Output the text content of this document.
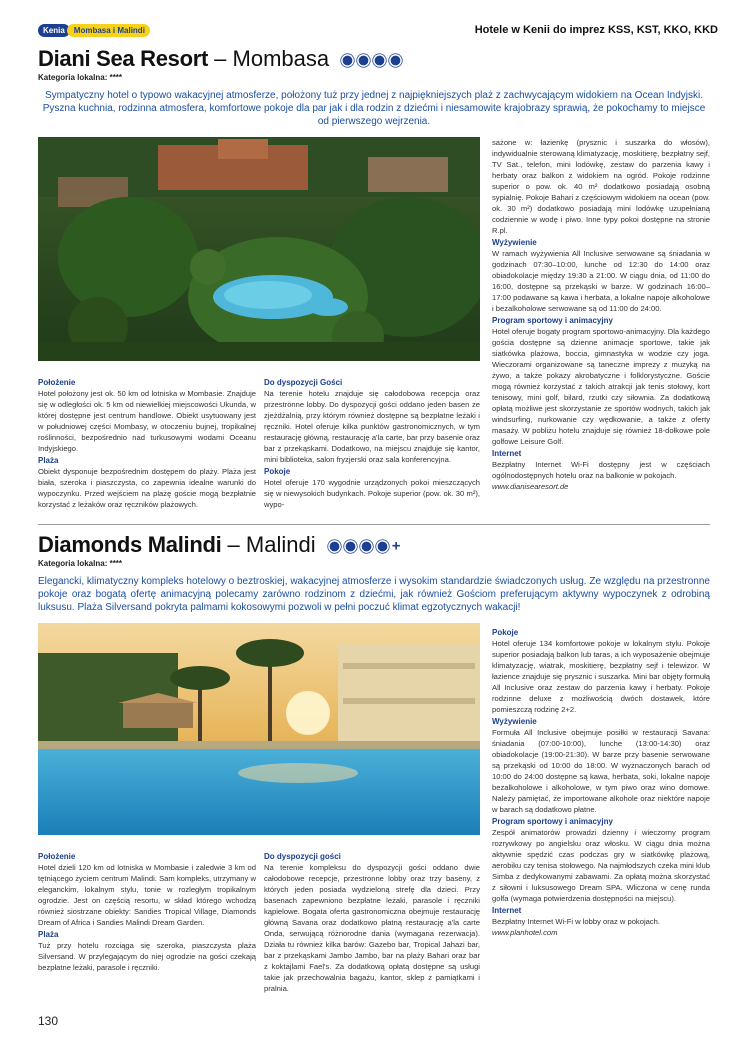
Kenia Mombasa i Malindi	Hotele w Kenii do imprez KSS, KST, KKO, KKD
Diani Sea Resort – Mombasa
Kategoria lokalna: ****
Sympatyczny hotel o typowo wakacyjnej atmosferze, położony tuż przy jednej z najpiękniejszych plaż z zachwycającym widokiem na Ocean Indyjski. Pyszna kuchnia, rodzinna atmosfera, komfortowe pokoje dla par jak i dla rodzin z dziećmi i niesamowite krajobrazy sprawią, że pokochamy to miejsce od pierwszego wejrzenia.
Położenie

Hotel położony jest ok. 50 km od lotniska w Mombasie. Znajduje się w odległości ok. 5 km od niewielkiej miejscowości Ukunda, w której dostępne jest centrum handlowe. Obiekt usytuowany jest w południowej części Mombasy, w otoczeniu bujnej, tropikalnej roślinności, bezpośrednio nad turkusowymi wodami Oceanu Indyjskiego.

Plaża

Obiekt dysponuje bezpośrednim dostępem do plaży. Plaża jest biała, szeroka i piaszczysta, co zapewnia idealne warunki do wypoczynku. Przed wejściem na plażę goście mogą bezpłatnie korzystać z leżaków oraz ręczników plażowych.

Do dyspozycji Gości

Na terenie hotelu znajduje się całodobowa recepcja oraz przestronne lobby. Do dyspozycji gości oddano jeden basen ze zjeżdżalnią, przy którym również dostępne są bezpłatne leżaki i ręczniki. Hotel oferuje kilka punktów gastronomicznych, w tym restaurację główną, restaurację a'la carte, bar przy basenie oraz bar z przekąskami. Dodatkowo, na miejscu znajduje się kantor, mini biblioteka, salon fryzjerski oraz sala konferencyjna.

Pokoje

Hotel oferuje 170 wygodnie urządzonych pokoi mieszczących się w niewysokich budynkach. Pokoje superior (pow. ok. 30 m²), wypo-

sażone w: łazienkę (prysznic i suszarka do włosów), indywidualnie sterowaną klimatyzację, moskitierę, bezpłatny sejf, TV Sat., telefon, mini lodówkę, zestaw do parzenia kawy i herbaty oraz balkon z widokiem na ogród. Pokoje rodzinne superior o pow. ok. 40 m² dodatkowo posiadają osobną sypialnię. Pokoje Bahari z częściowym widokiem na ocean (pow. ok. 30 m²) dodatkowo posiadają mini lodówkę uzupełnianą codziennie w wodę i piwo. Inne typy pokoi dostępne na stronie R.pl.

Wyżywienie

W ramach wyżywienia All Inclusive serwowane są śniadania w godzinach 07:30–10:00, lunche od 12:30 do 14:00 oraz obiadokolacje między 19:30 a 21:00. W ciągu dnia, od 11:00 do 16:00, dostępne są przekąski w barze. W godzinach 16:00–17:00 podawane są kawa i herbata, a lokalne napoje alkoholowe i bezalkoholowe serwowane są od 11:00 do 24:00.

Program sportowy i animacyjny

Hotel oferuje bogaty program sportowo-animacyjny. Dla każdego gościa dostępne są dzienne animacje sportowe, takie jak siatkówka plażowa, boccia, gimnastyka w wodzie czy joga. Wieczorami organizowane są taneczne imprezy z muzyką na żywo, a także pokazy akrobatyczne i folklorystyczne. Goście mogą również korzystać z takich atrakcji jak tenis stołowy, kort tenisowy, mini golf, bilard, rzutki czy siłownia. Za dodatkową opłatą możliwe jest skorzystanie ze sportów wodnych, takich jak windsurfing, nurkowanie czy wędkowanie, a także z oferty masaży. W pobliżu hotelu znajduje się również 18-dołkowe pole golfowe Leisure Golf.

Internet

Bezpłatny Internet Wi-Fi dostępny jest w częściach ogólnodostępnych hotelu oraz na balkonie w pokojach.

www.dianisearesort.de

Diamonds Malindi – Malindi	+
Kategoria lokalna: ****
Elegancki, klimatyczny kompleks hotelowy o beztroskiej, wakacyjnej atmosferze i wysokim standardzie świadczonych usług. Ze względu na przestronne pokoje oraz bogatą ofertę animacyjną polecamy zarówno rodzinom z dziećmi, jak również Gościom preferującym aktywny wypoczynek z odrobiną luksusu. Plaża Silversand pokryta palmami kokosowymi pozwoli w pełni poczuć klimat egzotycznych wakacji!
Położenie

Hotel dzieli 120 km od lotniska w Mombasie i zaledwie 3 km od tętniącego życiem centrum Malindi. Sam kompleks, utrzymany w eleganckim, lokalnym stylu, tonie w rozległym tropikalnym ogrodzie. Jest on częścią resortu, w skład którego wchodzą również siostrzane obiekty: Sandies Tropical Village, Diamonds Dream of Africa i Sandies Malindi Dream Garden.

Plaża

Tuż przy hotelu rozciąga się szeroka, piaszczysta plaża Silversand. W przylegającym do niej ogrodzie na gości czekają bezpłatne leżaki, parasole i ręczniki.

Do dyspozycji gości

Na terenie kompleksu do dyspozycji gości oddano dwie całodobowe recepcje, przestronne lobby oraz trzy baseny, z których jeden posiada wydzieloną strefę dla dzieci. Przy basenach zapewniono bezpłatne leżaki, parasole i ręczniki kąpielowe. Bogata oferta gastronomiczna obejmuje restaurację główną Savana oraz dodatkowo płatną restaurację a'la carte Onda, serwującą różnorodne dania (wymagana rezerwacja). Działa tu również kilka barów: Gazebo bar, Tropical Jahazi bar, bar z przekąskami Jambo Jambo, bar na plaży Bahari oraz bar z koktajlami Fael's. Za dodatkową opłatą dostępne są usługi takie jak przechowalnia bagażu, kantor, sklep z pamiątkami i pralnia.

Pokoje

Hotel oferuje 134 komfortowe pokoje w lokalnym stylu. Pokoje superior posiadają balkon lub taras, a ich wyposażenie obejmuje klimatyzację, wiatrak, moskitierę, bezpłatny sejf i telewizor. W łazience znajduje się prysznic i suszarka. Mini bar objęty formułą All Inclusive oraz zestaw do parzenia kawy i herbaty. Pokoje rodzinne deluxe z możliwością dwóch dostawek, które pomieszczą rodzinę 2+2.

Wyżywienie

Formuła All Inclusive obejmuje posiłki w restauracji Savana: śniadania (07:00-10:00), lunche (13:00-14:30) oraz obiadokolacje (19:00-21:30). W barze przy basenie serwowane są przekąski od 10:00 do 18:00. W wyznaczonych barach od 10:00 do 24:00 dostępne są kawa, herbata, soki, lokalne napoje bezalkoholowe i alkoholowe, w tym piwo oraz wino domowe. Należy pamiętać, że importowane alkohole oraz niektóre napoje w barach są dodatkowo płatne.

Program sportowy i animacyjny

Zespół animatorów prowadzi dzienny i wieczorny program rozrywkowy po angielsku oraz włosku. W ciągu dnia można aktywnie spędzić czas podczas gry w siatkówkę plażową, aerobiku czy tenisa stołowego. Na najmłodszych czeka mini klub Simba z dedykowanymi zabawami. Za opłatą można skorzystać z siłowni i luksusowego Dream SPA. Wliczona w cenę runda golfa (wymaga potwierdzenia dostępności na miejscu).

Internet

Bezpłatny Internet Wi-Fi w lobby oraz w pokojach.

www.planhotel.com

130
